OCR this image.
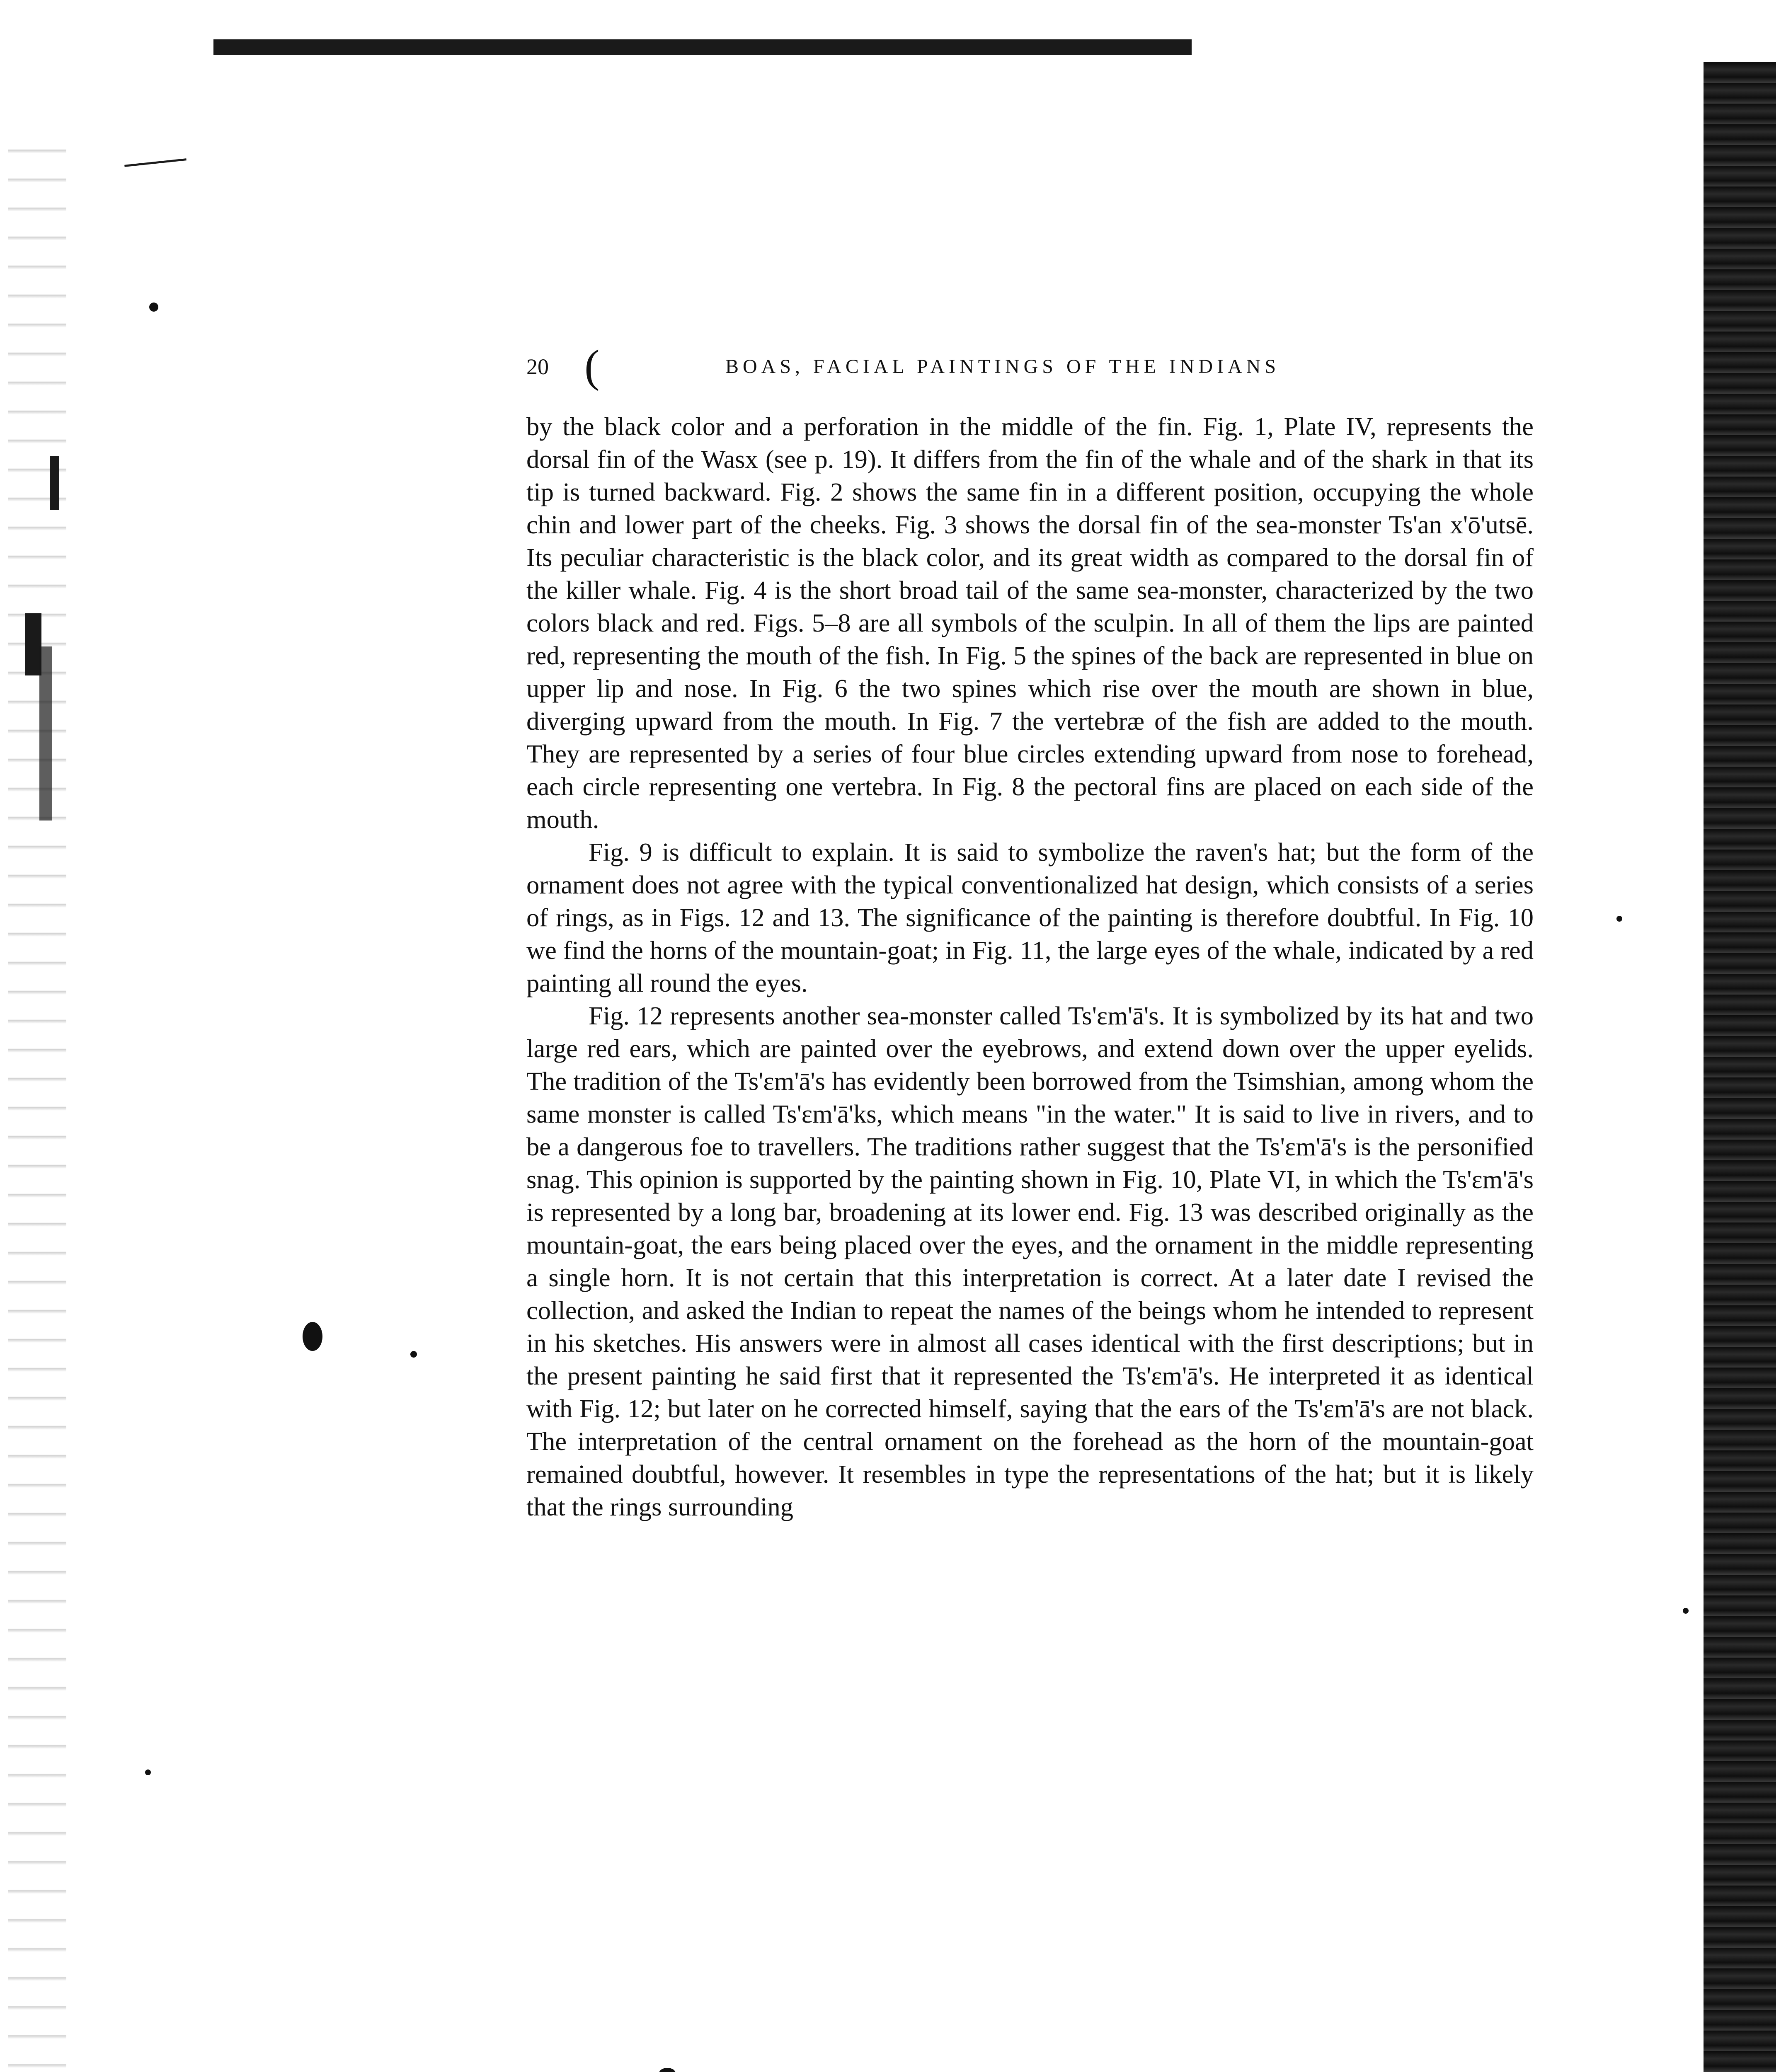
20 (	BOAS, FACIAL PAINTINGS OF THE INDIANS

by the black color and a perforation in the middle of the fin. Fig. 1, Plate IV, represents the dorsal fin of the Wasx (see p. 19). It differs from the fin of the whale and of the shark in that its tip is turned backward. Fig. 2 shows the same fin in a different position, occupying the whole chin and lower part of the cheeks. Fig. 3 shows the dorsal fin of the sea-monster Ts'an x'ō'utsē. Its peculiar characteristic is the black color, and its great width as compared to the dorsal fin of the killer whale. Fig. 4 is the short broad tail of the same sea-monster, characterized by the two colors black and red. Figs. 5–8 are all symbols of the sculpin. In all of them the lips are painted red, representing the mouth of the fish. In Fig. 5 the spines of the back are represented in blue on upper lip and nose. In Fig. 6 the two spines which rise over the mouth are shown in blue, diverging upward from the mouth. In Fig. 7 the vertebræ of the fish are added to the mouth. They are represented by a series of four blue circles extending upward from nose to forehead, each circle representing one vertebra. In Fig. 8 the pectoral fins are placed on each side of the mouth.

Fig. 9 is difficult to explain. It is said to symbolize the raven's hat; but the form of the ornament does not agree with the typical conventionalized hat design, which consists of a series of rings, as in Figs. 12 and 13. The significance of the painting is therefore doubtful. In Fig. 10 we find the horns of the mountain-goat; in Fig. 11, the large eyes of the whale, indicated by a red painting all round the eyes.

Fig. 12 represents another sea-monster called Ts'ɛm'ā's. It is symbolized by its hat and two large red ears, which are painted over the eyebrows, and extend down over the upper eyelids. The tradition of the Ts'ɛm'ā's has evidently been borrowed from the Tsimshian, among whom the same monster is called Ts'ɛm'ā'ks, which means "in the water." It is said to live in rivers, and to be a dangerous foe to travellers. The traditions rather suggest that the Ts'ɛm'ā's is the personified snag. This opinion is supported by the painting shown in Fig. 10, Plate VI, in which the Ts'ɛm'ā's is represented by a long bar, broadening at its lower end. Fig. 13 was described originally as the mountain-goat, the ears being placed over the eyes, and the ornament in the middle representing a single horn. It is not certain that this interpretation is correct. At a later date I revised the collection, and asked the Indian to repeat the names of the beings whom he intended to represent in his sketches. His answers were in almost all cases identical with the first descriptions; but in the present painting he said first that it represented the Ts'ɛm'ā's. He interpreted it as identical with Fig. 12; but later on he corrected himself, saying that the ears of the Ts'ɛm'ā's are not black. The interpretation of the central ornament on the forehead as the horn of the mountain-goat remained doubtful, however. It resembles in type the representations of the hat; but it is likely that the rings surrounding
